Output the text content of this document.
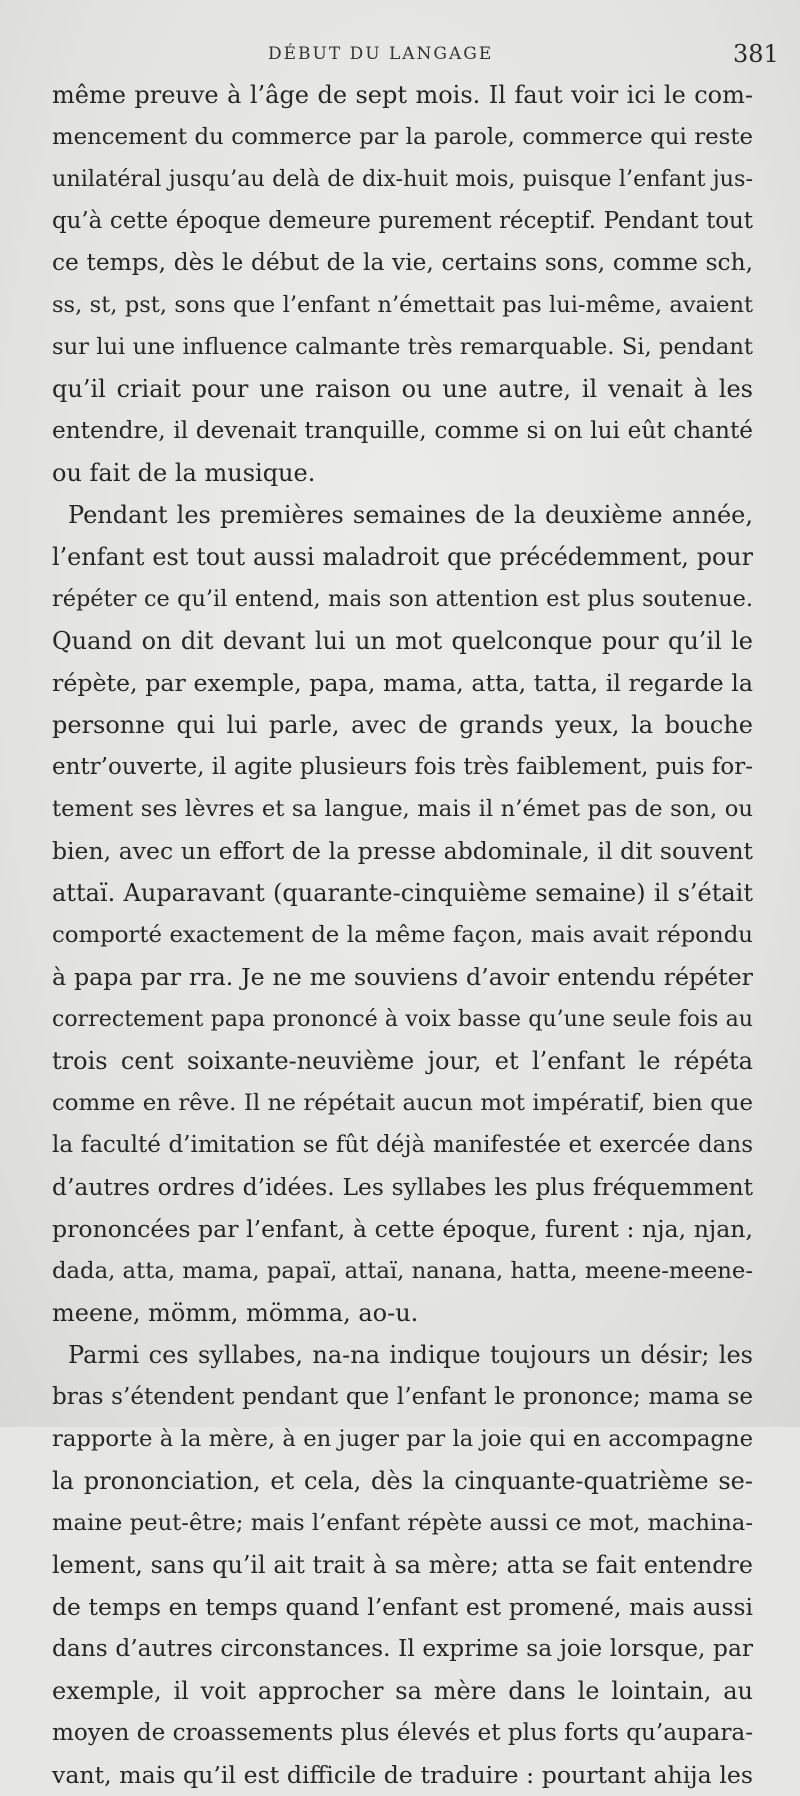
DÉBUT DU LANGAGE	381
même preuve à l’âge de sept mois. Il faut voir ici le com-
mencement du commerce par la parole, commerce qui reste
unilatéral jusqu’au delà de dix-huit mois, puisque l’enfant jus-
qu’à cette époque demeure purement réceptif. Pendant tout
ce temps, dès le début de la vie, certains sons, comme sch,
ss, st, pst, sons que l’enfant n’émettait pas lui-même, avaient
sur lui une influence calmante très remarquable. Si, pendant
qu’il criait pour une raison ou une autre, il venait à les
entendre, il devenait tranquille, comme si on lui eût chanté
ou fait de la musique.
Pendant les premières semaines de la deuxième année,
l’enfant est tout aussi maladroit que précédemment, pour
répéter ce qu’il entend, mais son attention est plus soutenue.
Quand on dit devant lui un mot quelconque pour qu’il le
répète, par exemple, papa, mama, atta, tatta, il regarde la
personne qui lui parle, avec de grands yeux, la bouche
entr’ouverte, il agite plusieurs fois très faiblement, puis for-
tement ses lèvres et sa langue, mais il n’émet pas de son, ou
bien, avec un effort de la presse abdominale, il dit souvent
attaï. Auparavant (quarante-cinquième semaine) il s’était
comporté exactement de la même façon, mais avait répondu
à papa par rra. Je ne me souviens d’avoir entendu répéter
correctement papa prononcé à voix basse qu’une seule fois au
trois cent soixante-neuvième jour, et l’enfant le répéta
comme en rêve. Il ne répétait aucun mot impératif, bien que
la faculté d’imitation se fût déjà manifestée et exercée dans
d’autres ordres d’idées. Les syllabes les plus fréquemment
prononcées par l’enfant, à cette époque, furent : nja, njan,
dada, atta, mama, papaï, attaï, nanana, hatta, meene-meene-
meene, mömm, mömma, ao-u.
Parmi ces syllabes, na-na indique toujours un désir; les
bras s’étendent pendant que l’enfant le prononce; mama se
rapporte à la mère, à en juger par la joie qui en accompagne
la prononciation, et cela, dès la cinquante-quatrième se-
maine peut-être; mais l’enfant répète aussi ce mot, machina-
lement, sans qu’il ait trait à sa mère; atta se fait entendre
de temps en temps quand l’enfant est promené, mais aussi
dans d’autres circonstances. Il exprime sa joie lorsque, par
exemple, il voit approcher sa mère dans le lointain, au
moyen de croassements plus élevés et plus forts qu’aupara-
vant, mais qu’il est difficile de traduire : pourtant ahija les
